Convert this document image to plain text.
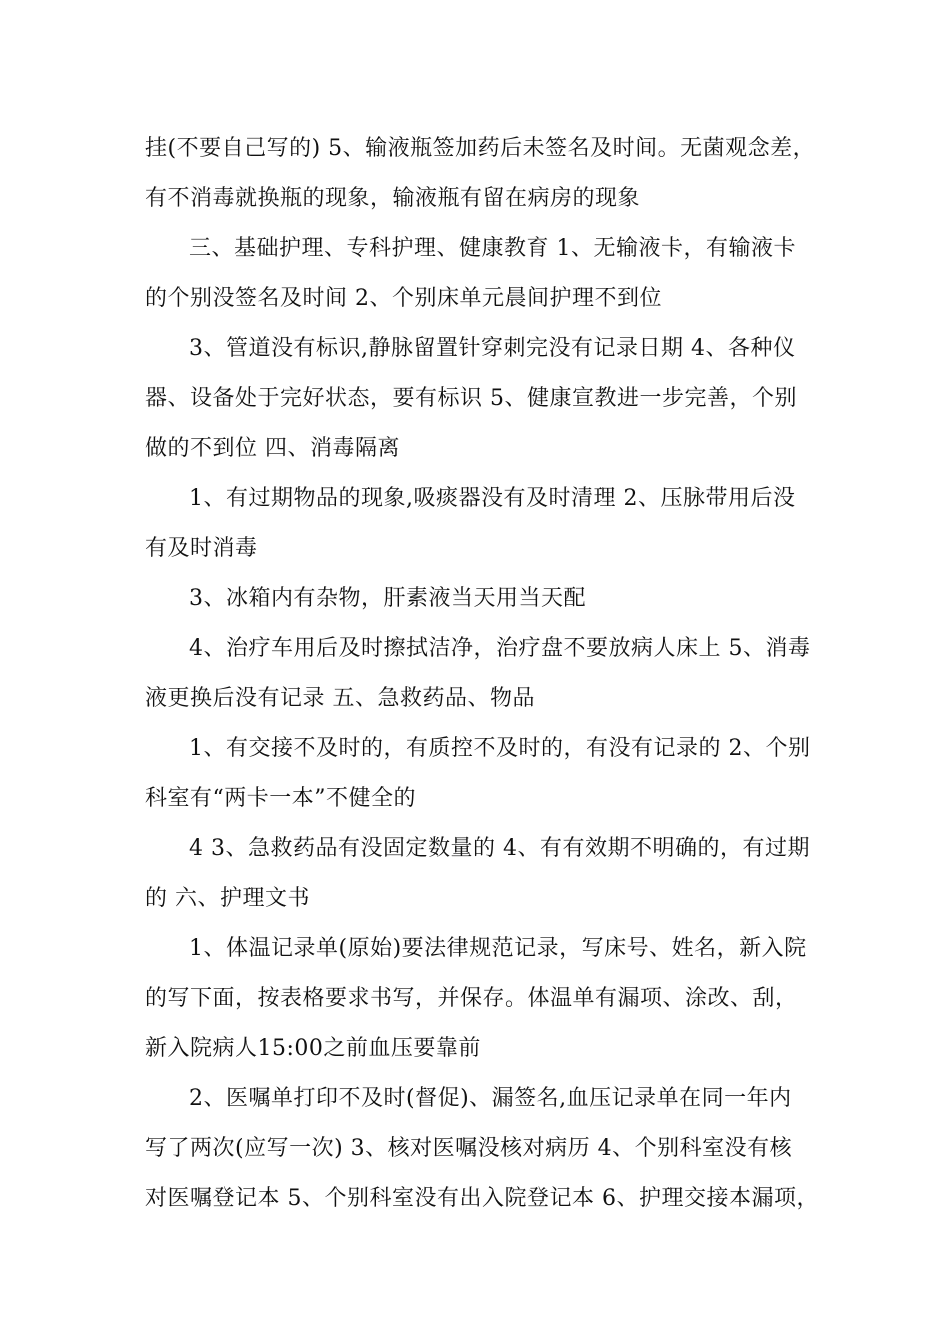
挂(不要自己写的) 5、输液瓶签加药后未签名及时间。无菌观念差，
有不消毒就换瓶的现象，输液瓶有留在病房的现象

三、基础护理、专科护理、健康教育 1、无输液卡，有输液卡
的个别没签名及时间 2、个别床单元晨间护理不到位

3、管道没有标识,静脉留置针穿刺完没有记录日期 4、各种仪
器、设备处于完好状态，要有标识 5、健康宣教进一步完善，个别
做的不到位 四、消毒隔离

1、有过期物品的现象,吸痰器没有及时清理 2、压脉带用后没
有及时消毒

3、冰箱内有杂物，肝素液当天用当天配

4、治疗车用后及时擦拭洁净，治疗盘不要放病人床上 5、消毒
液更换后没有记录 五、急救药品、物品

1、有交接不及时的，有质控不及时的，有没有记录的 2、个别
科室有“两卡一本”不健全的

4 3、急救药品有没固定数量的 4、有有效期不明确的，有过期
的 六、护理文书

1、体温记录单(原始)要法律规范记录，写床号、姓名，新入院
的写下面，按表格要求书写，并保存。体温单有漏项、涂改、刮，
新入院病人15:00之前血压要靠前

2、医嘱单打印不及时(督促)、漏签名,血压记录单在同一年内
写了两次(应写一次) 3、核对医嘱没核对病历 4、个别科室没有核
对医嘱登记本 5、个别科室没有出入院登记本 6、护理交接本漏项，
